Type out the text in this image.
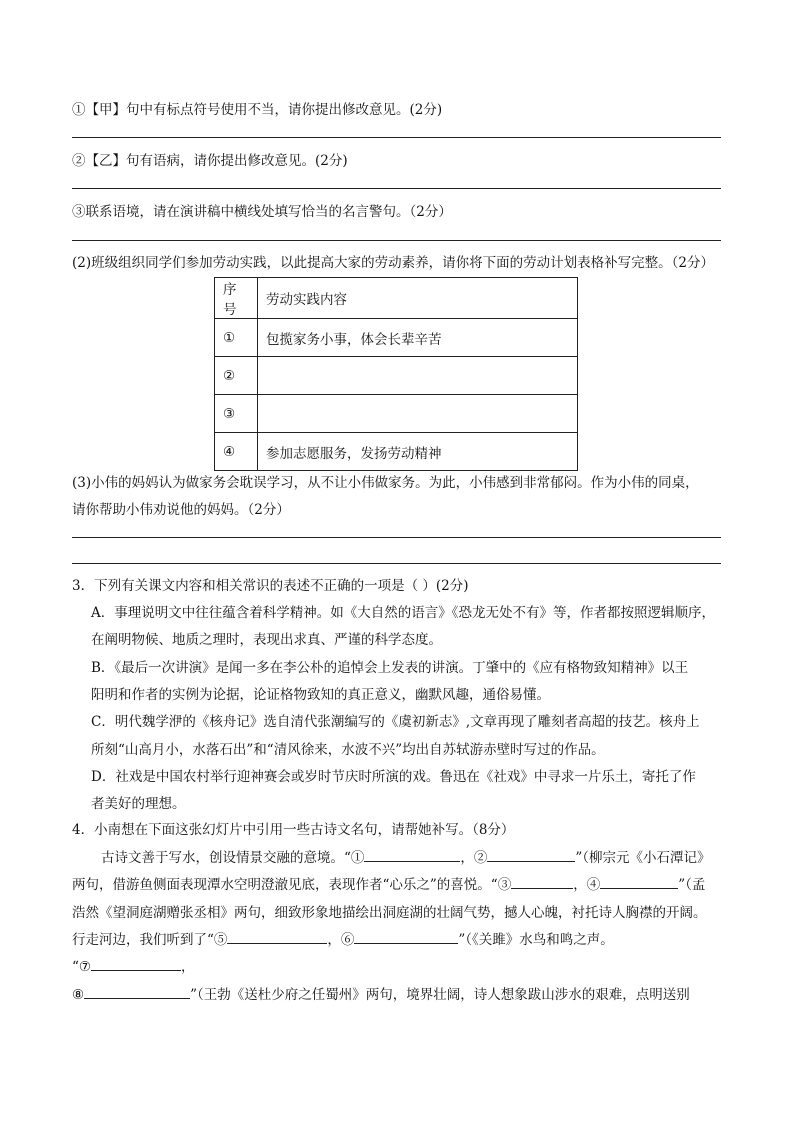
①【甲】句中有标点符号使用不当，请你提出修改意见。(2分)
②【乙】句有语病，请你提出修改意见。(2分)
③联系语境，请在演讲稿中横线处填写恰当的名言警句。（2分）
(2)班级组织同学们参加劳动实践，以此提高大家的劳动素养，请你将下面的劳动计划表格补写完整。（2分）
序号	劳动实践内容
①	包揽家务小事，体会长辈辛苦
②	
③	
④	参加志愿服务，发扬劳动精神
(3)小伟的妈妈认为做家务会耽误学习，从不让小伟做家务。为此，小伟感到非常郁闷。作为小伟的同桌，
请你帮助小伟劝说他的妈妈。（2分）
3．下列有关课文内容和相关常识的表述不正确的一项是（ ）(2分)
A．事理说明文中往往蕴含着科学精神。如《大自然的语言》《恐龙无处不有》等，作者都按照逻辑顺序，
在阐明物候、地质之理时，表现出求真、严谨的科学态度。
B．《最后一次讲演》是闻一多在李公朴的追悼会上发表的讲演。丁肇中的《应有格物致知精神》以王
阳明和作者的实例为论据，论证格物致知的真正意义，幽默风趣，通俗易懂。
C．明代魏学洢的《核舟记》选自清代张潮编写的《虞初新志》,文章再现了雕刻者高超的技艺。核舟上
所刻“山高月小，水落石出”和“清风徐来，水波不兴”均出自苏轼游赤壁时写过的作品。
D．社戏是中国农村举行迎神赛会或岁时节庆时所演的戏。鲁迅在《社戏》中寻求一片乐土，寄托了作
者美好的理想。
4．小南想在下面这张幻灯片中引用一些古诗文名句，请帮她补写。（8分）
古诗文善于写水，创设情景交融的意境。“①	，②	”（柳宗元《小石潭记》
两句，借游鱼侧面表现潭水空明澄澈见底，表现作者“心乐之”的喜悦。“③	，④	”（孟
浩然《望洞庭湖赠张丞相》两句，细致形象地描绘出洞庭湖的壮阔气势，撼人心魄，衬托诗人胸襟的开阔。
行走河边，我们听到了“⑤	，⑥	”（《关雎》水鸟和鸣之声。
“⑦	，
⑧	”（王勃《送杜少府之任蜀州》两句，境界壮阔，诗人想象跋山涉水的艰难，点明送别
